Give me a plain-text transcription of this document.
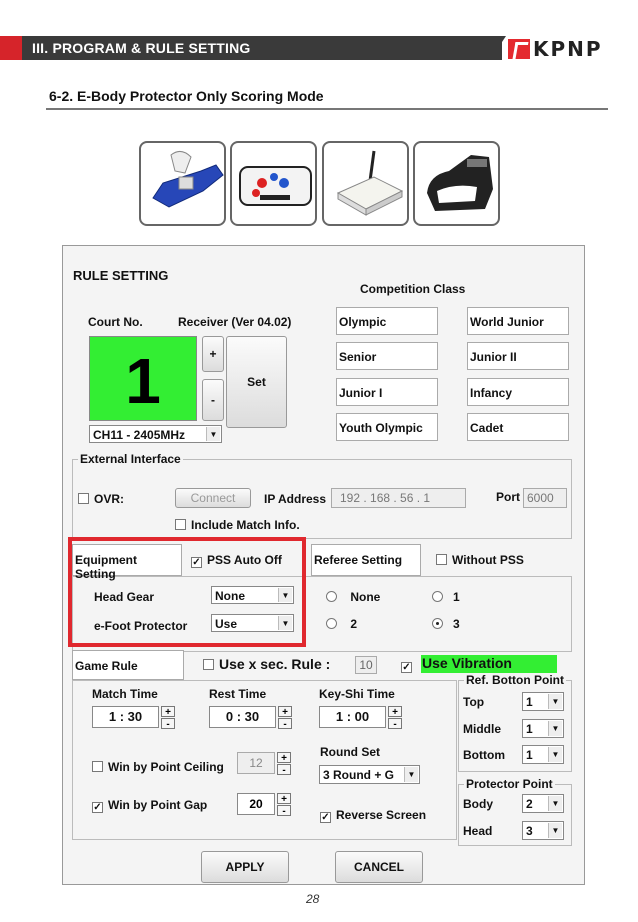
III. PROGRAM & RULE SETTING	KPNP
6-2. E-Body Protector Only Scoring Mode
RULE SETTING
Competition Class
Court No.	Receiver (Ver 04.02)
1	+
-
Set
CH11 - 2405MHz	▼
Olympic	World Junior
Senior	Junior II
Junior I	Infancy
Youth Olympic	Cadet
External Interface
OVR:	Connect	IP Address	192 . 168 . 56 . 1	Port 6000
Include Match Info.
Equipment Setting
✓ PSS Auto Off	Referee Setting	Without PSS
Head Gear	None	▼
e-Foot Protector	Use	▼
None	1
2	3
Game Rule	Use x sec. Rule :	10	✓ Use Vibration
Match Time
1 : 30	+
-
Rest Time
0 : 30	+
-
Key-Shi Time
1 : 00	+
-
Win by Point Ceiling	12	+
-
Round Set
3 Round + G	▼
✓ Win by Point Gap	20	+
-
✓ Reverse Screen
Ref. Botton Point
Top	1	▼
Middle	1	▼
Bottom	1	▼
Protector Point
Body	2	▼
Head	3	▼
APPLY	CANCEL
28
